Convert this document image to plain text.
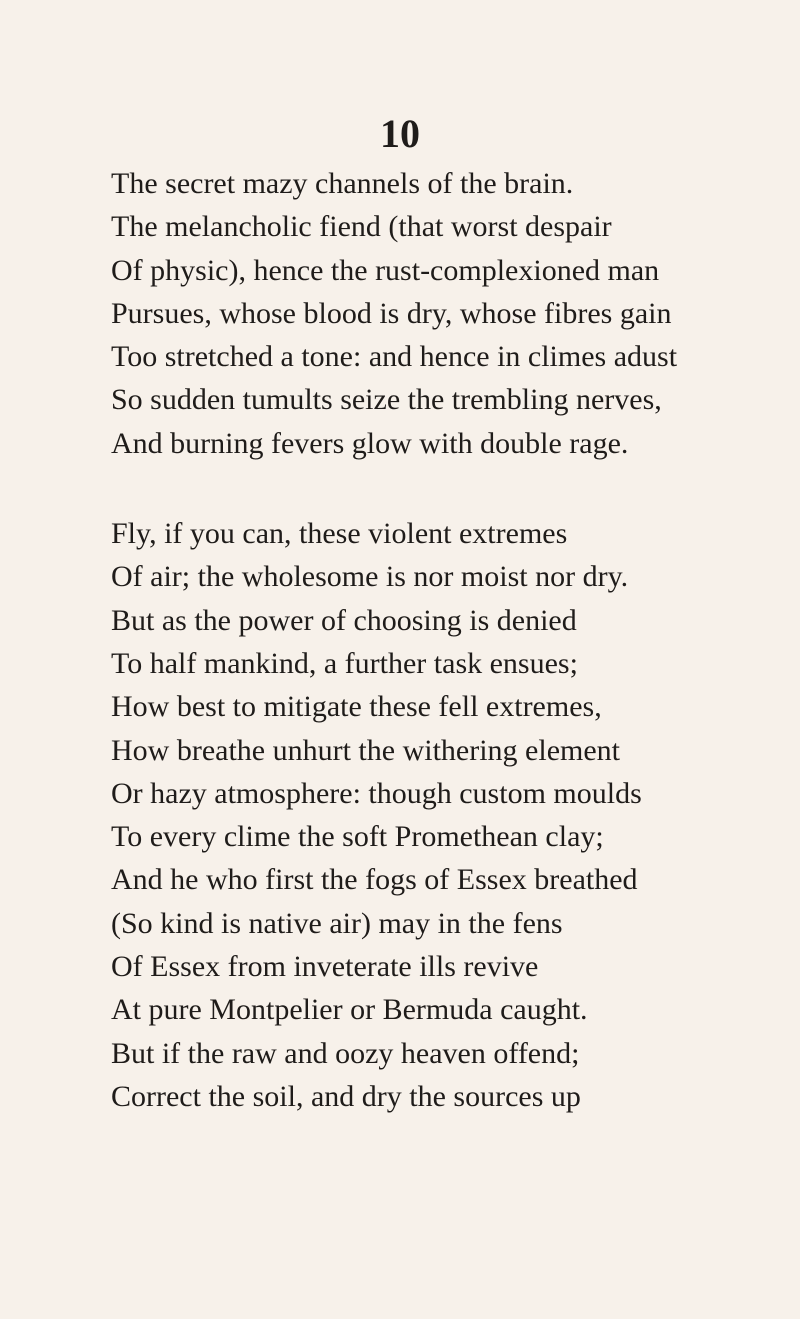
10
The secret mazy channels of the brain.
The melancholic fiend (that worst despair
Of physic), hence the rust-complexioned man
Pursues, whose blood is dry, whose fibres gain
Too stretched a tone: and hence in climes adust
So sudden tumults seize the trembling nerves,
And burning fevers glow with double rage.
Fly, if you can, these violent extremes
Of air; the wholesome is nor moist nor dry.
But as the power of choosing is denied
To half mankind, a further task ensues;
How best to mitigate these fell extremes,
How breathe unhurt the withering element
Or hazy atmosphere: though custom moulds
To every clime the soft Promethean clay;
And he who first the fogs of Essex breathed
(So kind is native air) may in the fens
Of Essex from inveterate ills revive
At pure Montpelier or Bermuda caught.
But if the raw and oozy heaven offend;
Correct the soil, and dry the sources up
